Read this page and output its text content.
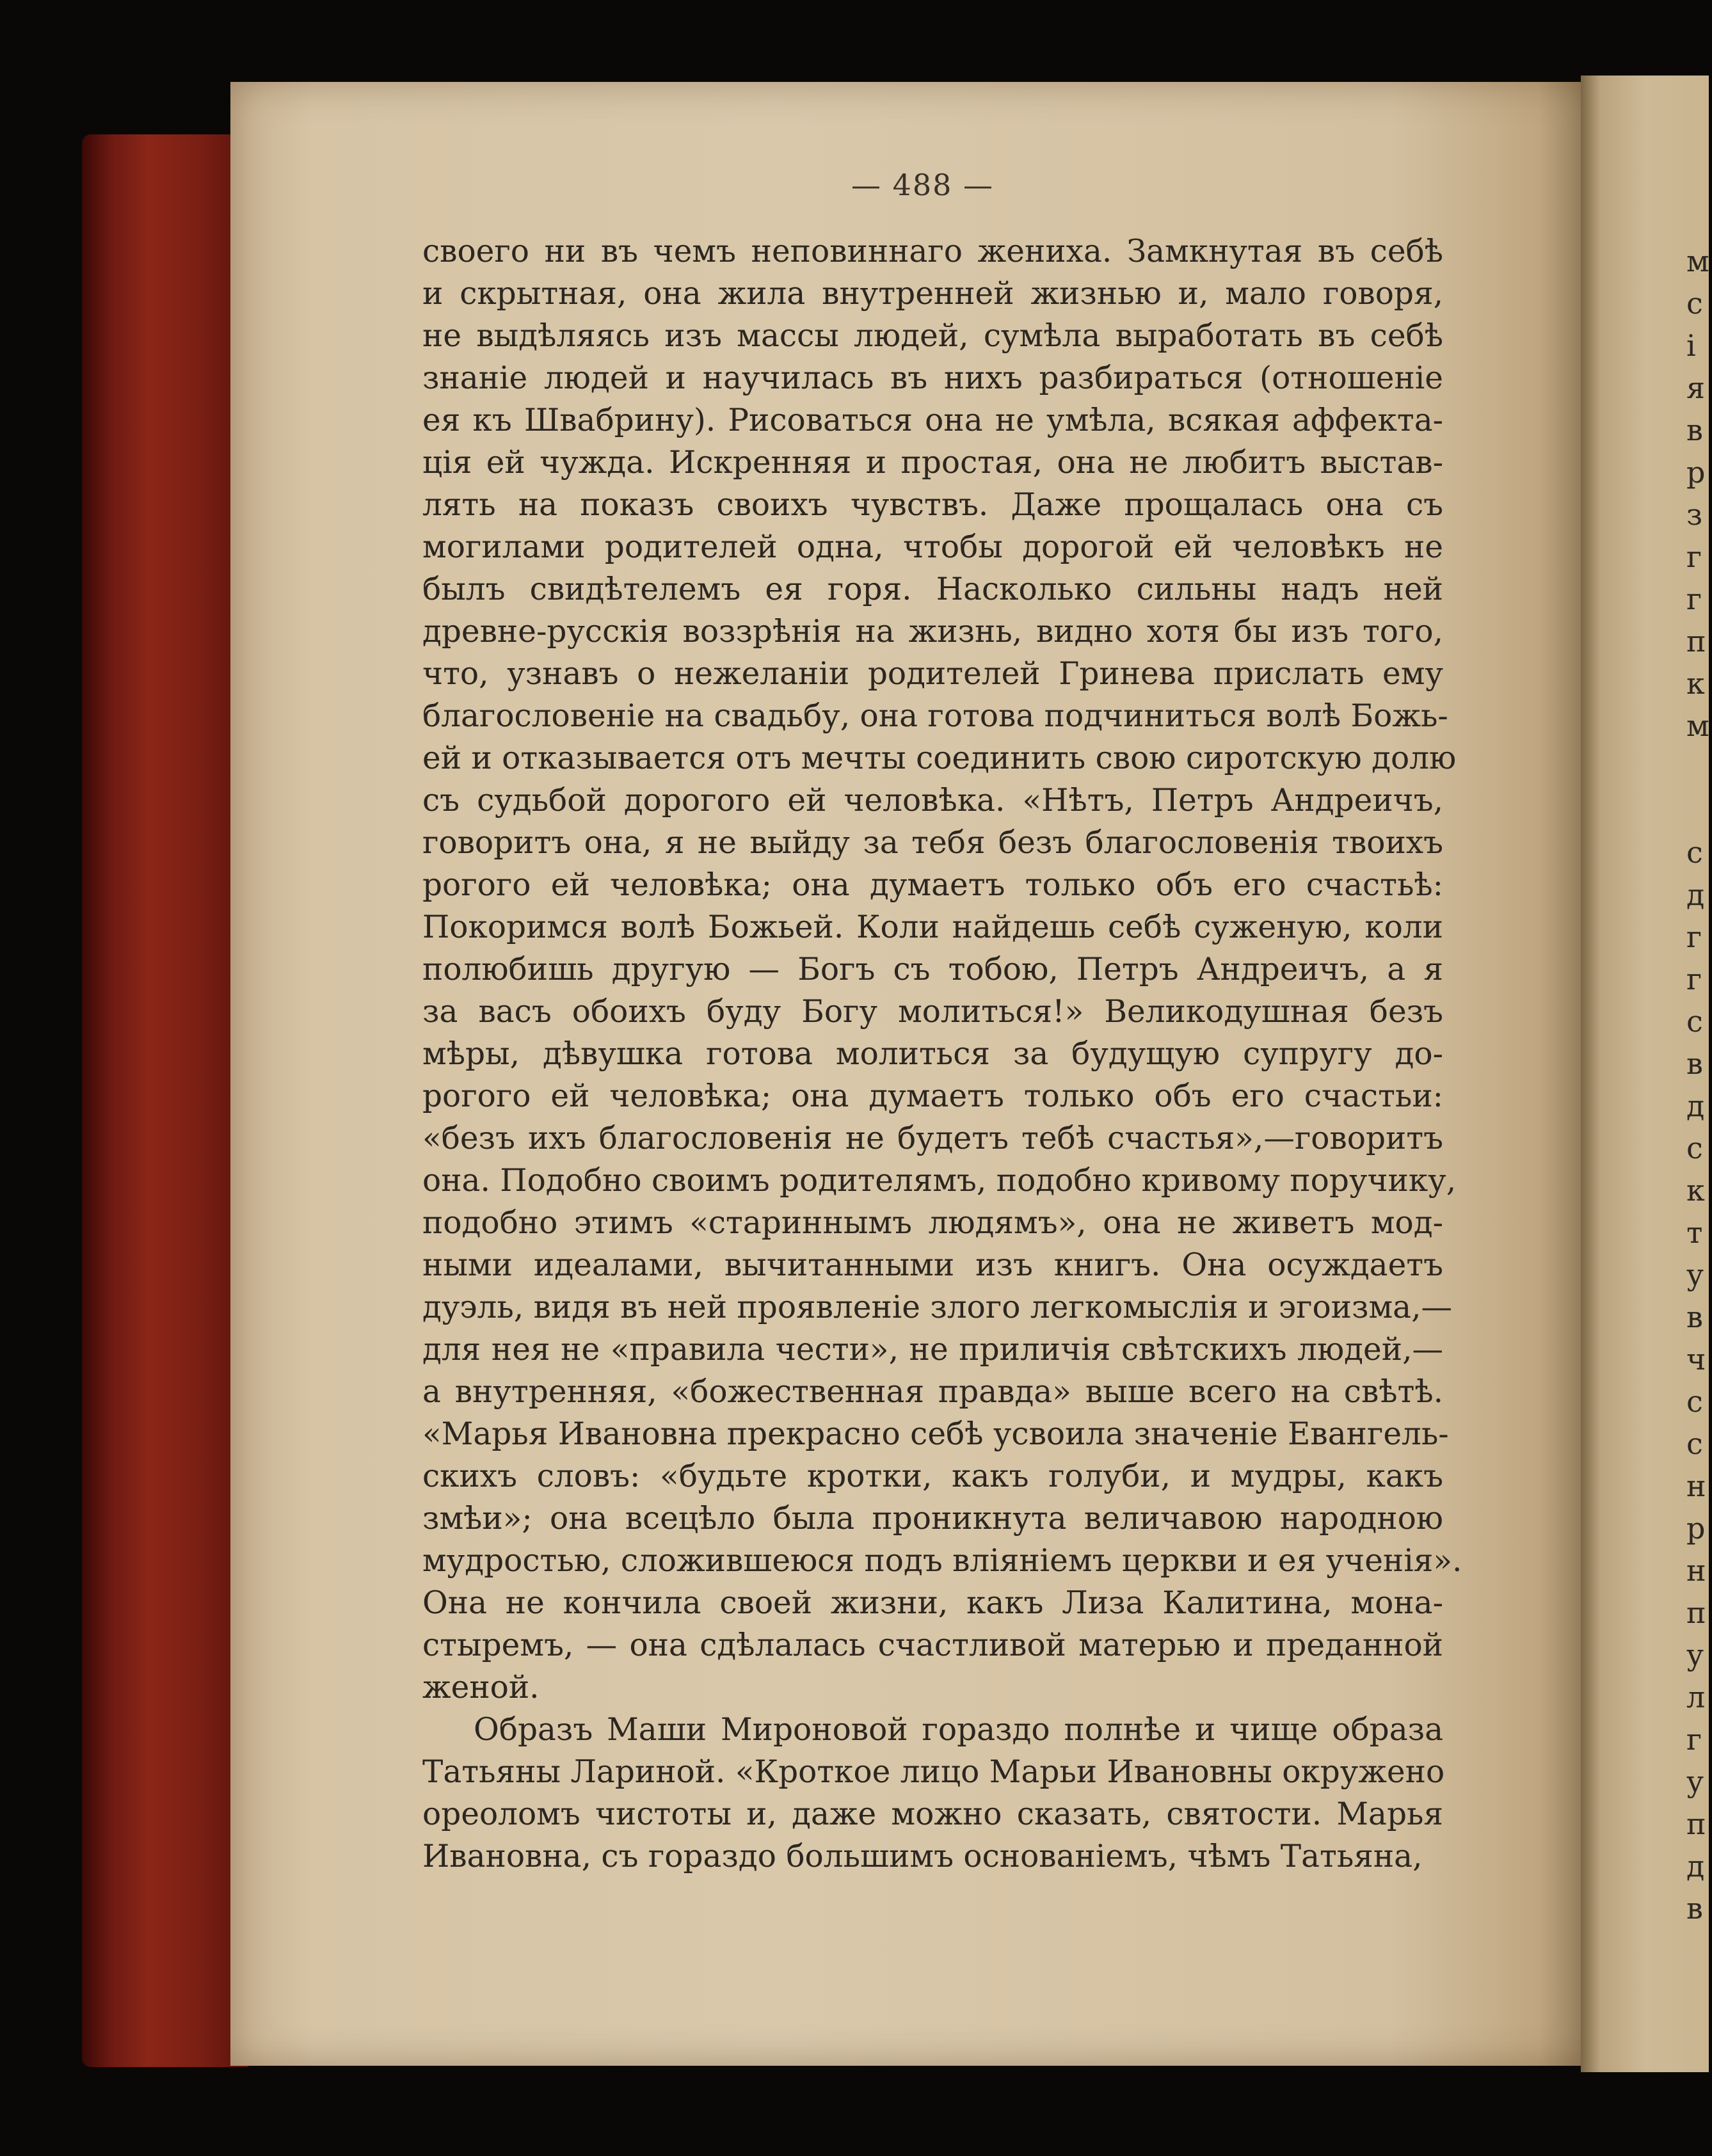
— 488 —
своего ни въ чемъ неповиннаго жениха. Замкнутая въ себѣ
и скрытная, она жила внутренней жизнью и, мало говоря,
не выдѣляясь изъ массы людей, сумѣла выработать въ себѣ
знаніе людей и научилась въ нихъ разбираться (отношеніе
ея къ Швабрину). Рисоваться она не умѣла, всякая аффекта-
ція ей чужда. Искренняя и простая, она не любитъ выстав-
лять на показъ своихъ чувствъ. Даже прощалась она съ
могилами родителей одна, чтобы дорогой ей человѣкъ не
былъ свидѣтелемъ ея горя. Насколько сильны надъ ней
древне-русскія воззрѣнія на жизнь, видно хотя бы изъ того,
что, узнавъ о нежеланіи родителей Гринева прислать ему
благословеніе на свадьбу, она готова подчиниться волѣ Божь-
ей и отказывается отъ мечты соединить свою сиротскую долю
съ судьбой дорогого ей человѣка. «Нѣтъ, Петръ Андреичъ,
говоритъ она, я не выйду за тебя безъ благословенія твоихъ
рогого ей человѣка; она думаетъ только объ его счастьѣ:
Покоримся волѣ Божьей. Коли найдешь себѣ суженую, коли
полюбишь другую — Богъ съ тобою, Петръ Андреичъ, а я
за васъ обоихъ буду Богу молиться!» Великодушная безъ
мѣры, дѣвушка готова молиться за будущую супругу до-
рогого ей человѣка; она думаетъ только объ его счастьи:
«безъ ихъ благословенія не будетъ тебѣ счастья»,—говоритъ
она. Подобно своимъ родителямъ, подобно кривому поручику,
подобно этимъ «стариннымъ людямъ», она не живетъ мод-
ными идеалами, вычитанными изъ книгъ. Она осуждаетъ
дуэль, видя въ ней проявленіе злого легкомыслія и эгоизма,—
для нея не «правила чести», не приличія свѣтскихъ людей,—
а внутренняя, «божественная правда» выше всего на свѣтѣ.
«Марья Ивановна прекрасно себѣ усвоила значеніе Евангель-
скихъ словъ: «будьте кротки, какъ голуби, и мудры, какъ
змѣи»; она всецѣло была проникнута величавою народною
мудростью, сложившеюся подъ вліяніемъ церкви и ея ученія».
Она не кончила своей жизни, какъ Лиза Калитина, мона-
стыремъ, — она сдѣлалась счастливой матерью и преданной
женой.
Образъ Маши Мироновой гораздо полнѣе и чище образа
Татьяны Лариной. «Кроткое лицо Марьи Ивановны окружено
ореоломъ чистоты и, даже можно сказать, святости. Марья
Ивановна, съ гораздо большимъ основаніемъ, чѣмъ Татьяна,
м
с
і
я
в
р
з
г
г
п
к
м
с
д
г
г
с
в
д
с
к
т
у
в
ч
с
с
н
р
н
п
у
л
г
у
п
д
в
